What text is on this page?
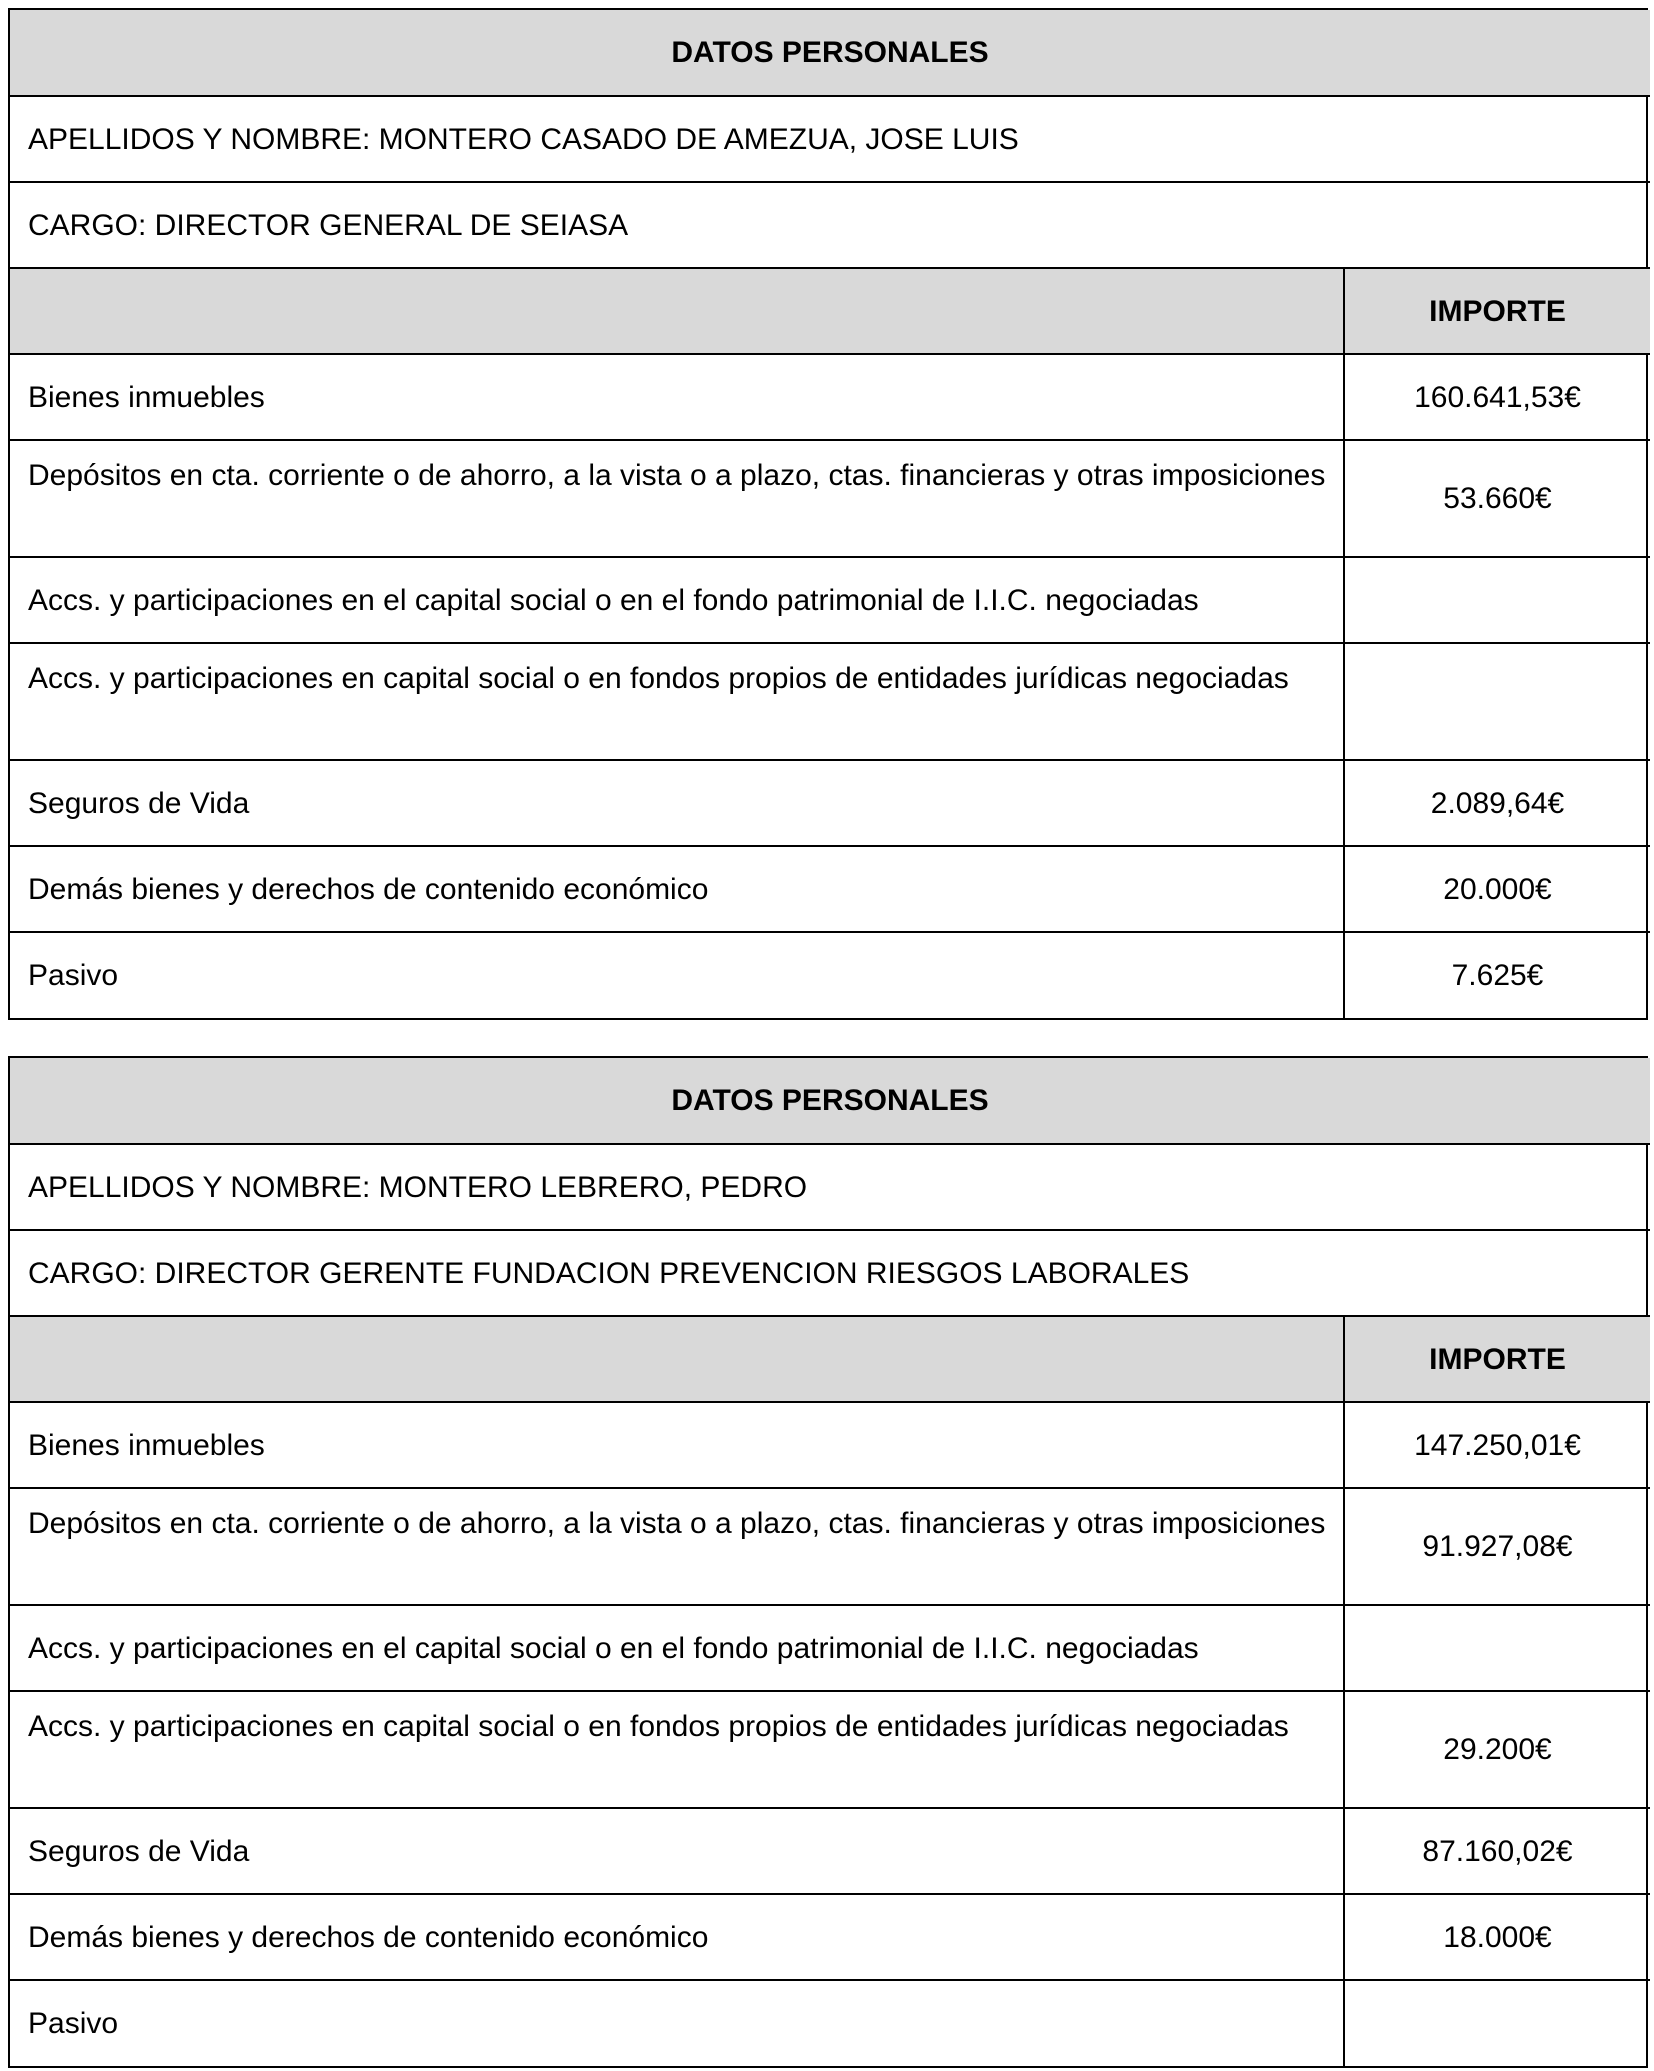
DATOS PERSONALES	
APELLIDOS Y NOMBRE: MONTERO CASADO DE AMEZUA, JOSE LUIS	
CARGO: DIRECTOR GENERAL DE SEIASA	
	IMPORTE
Bienes inmuebles	160.641,53€
Depósitos en cta. corriente o de ahorro, a la vista o a plazo, ctas. financieras y otras imposiciones	53.660€
Accs. y participaciones en el capital social o en el fondo patrimonial de I.I.C. negociadas	
Accs. y participaciones en capital social o en fondos propios de entidades jurídicas negociadas	
Seguros de Vida	2.089,64€
Demás bienes y derechos de contenido económico	20.000€
Pasivo	7.625€
DATOS PERSONALES	
APELLIDOS Y NOMBRE: MONTERO LEBRERO, PEDRO	
CARGO: DIRECTOR GERENTE FUNDACION PREVENCION RIESGOS LABORALES	
	IMPORTE
Bienes inmuebles	147.250,01€
Depósitos en cta. corriente o de ahorro, a la vista o a plazo, ctas. financieras y otras imposiciones	91.927,08€
Accs. y participaciones en el capital social o en el fondo patrimonial de I.I.C. negociadas	
Accs. y participaciones en capital social o en fondos propios de entidades jurídicas negociadas	29.200€
Seguros de Vida	87.160,02€
Demás bienes y derechos de contenido económico	18.000€
Pasivo	
